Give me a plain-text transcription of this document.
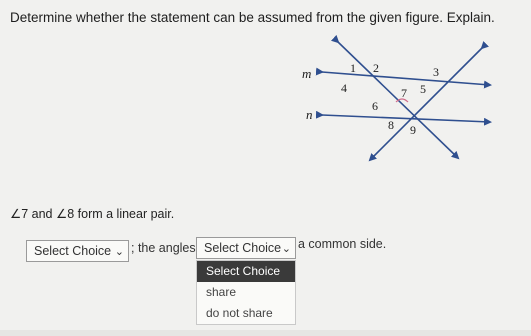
Determine whether the statement can be assumed from the given figure. Explain.
m
n
1 2	3
4	5
6
7
8 9
∠7 and ∠8 form a linear pair.
Select Choice ⌄ ; the angles Select Choice ⌄ a common side.
Select Choice
share
do not share
